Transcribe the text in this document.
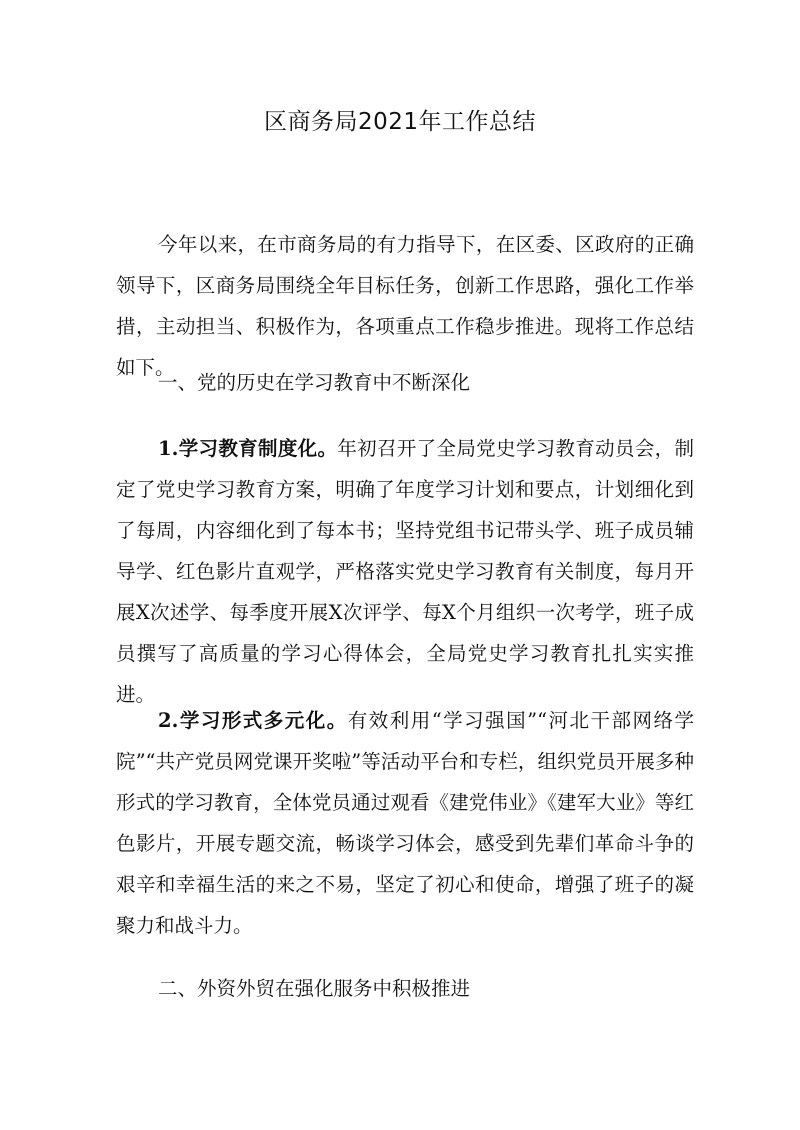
区商务局2021年工作总结

今年以来，在市商务局的有力指导下，在区委、区政府的正确领导下，区商务局围绕全年目标任务，创新工作思路，强化工作举措，主动担当、积极作为，各项重点工作稳步推进。现将工作总结如下。

一、党的历史在学习教育中不断深化

1.学习教育制度化。年初召开了全局党史学习教育动员会，制定了党史学习教育方案，明确了年度学习计划和要点，计划细化到了每周，内容细化到了每本书；坚持党组书记带头学、班子成员辅导学、红色影片直观学，严格落实党史学习教育有关制度，每月开展X次述学、每季度开展X次评学、每X个月组织一次考学，班子成员撰写了高质量的学习心得体会，全局党史学习教育扎扎实实推进。

2.学习形式多元化。有效利用“学习强国”“河北干部网络学院”“共产党员网党课开奖啦”等活动平台和专栏，组织党员开展多种形式的学习教育，全体党员通过观看《建党伟业》《建军大业》等红色影片，开展专题交流，畅谈学习体会，感受到先辈们革命斗争的艰辛和幸福生活的来之不易，坚定了初心和使命，增强了班子的凝聚力和战斗力。

二、外资外贸在强化服务中积极推进
